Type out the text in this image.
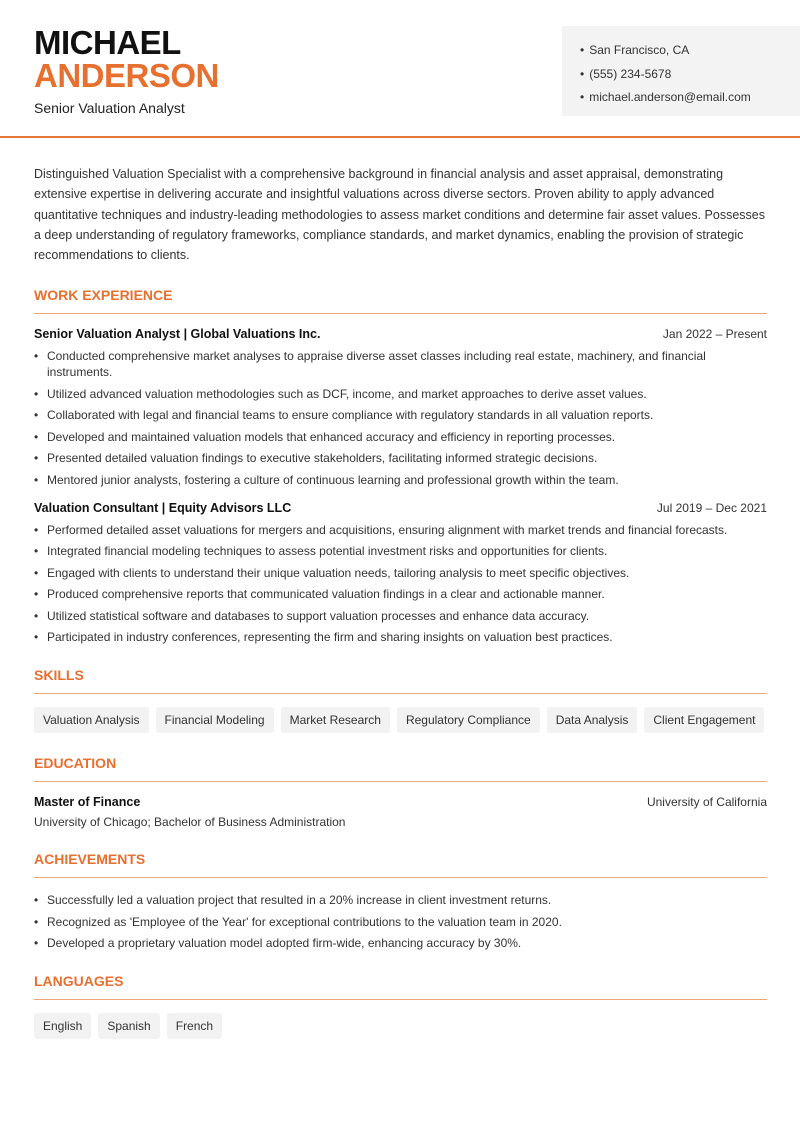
MICHAEL
ANDERSON
Senior Valuation Analyst
• San Francisco, CA
• (555) 234-5678
• michael.anderson@email.com

Distinguished Valuation Specialist with a comprehensive background in financial analysis and asset appraisal, demonstrating extensive expertise in delivering accurate and insightful valuations across diverse sectors. Proven ability to apply advanced quantitative techniques and industry-leading methodologies to assess market conditions and determine fair asset values. Possesses a deep understanding of regulatory frameworks, compliance standards, and market dynamics, enabling the provision of strategic recommendations to clients.

WORK EXPERIENCE
Senior Valuation Analyst | Global Valuations Inc.	Jan 2022 – Present
• Conducted comprehensive market analyses to appraise diverse asset classes including real estate, machinery, and financial instruments.
• Utilized advanced valuation methodologies such as DCF, income, and market approaches to derive asset values.
• Collaborated with legal and financial teams to ensure compliance with regulatory standards in all valuation reports.
• Developed and maintained valuation models that enhanced accuracy and efficiency in reporting processes.
• Presented detailed valuation findings to executive stakeholders, facilitating informed strategic decisions.
• Mentored junior analysts, fostering a culture of continuous learning and professional growth within the team.
Valuation Consultant | Equity Advisors LLC	Jul 2019 – Dec 2021
• Performed detailed asset valuations for mergers and acquisitions, ensuring alignment with market trends and financial forecasts.
• Integrated financial modeling techniques to assess potential investment risks and opportunities for clients.
• Engaged with clients to understand their unique valuation needs, tailoring analysis to meet specific objectives.
• Produced comprehensive reports that communicated valuation findings in a clear and actionable manner.
• Utilized statistical software and databases to support valuation processes and enhance data accuracy.
• Participated in industry conferences, representing the firm and sharing insights on valuation best practices.
SKILLS
Valuation Analysis	Financial Modeling	Market Research	Regulatory Compliance	Data Analysis	Client Engagement
EDUCATION
Master of Finance	University of California
University of Chicago; Bachelor of Business Administration
ACHIEVEMENTS
• Successfully led a valuation project that resulted in a 20% increase in client investment returns.
• Recognized as 'Employee of the Year' for exceptional contributions to the valuation team in 2020.
• Developed a proprietary valuation model adopted firm-wide, enhancing accuracy by 30%.
LANGUAGES
English	Spanish	French
